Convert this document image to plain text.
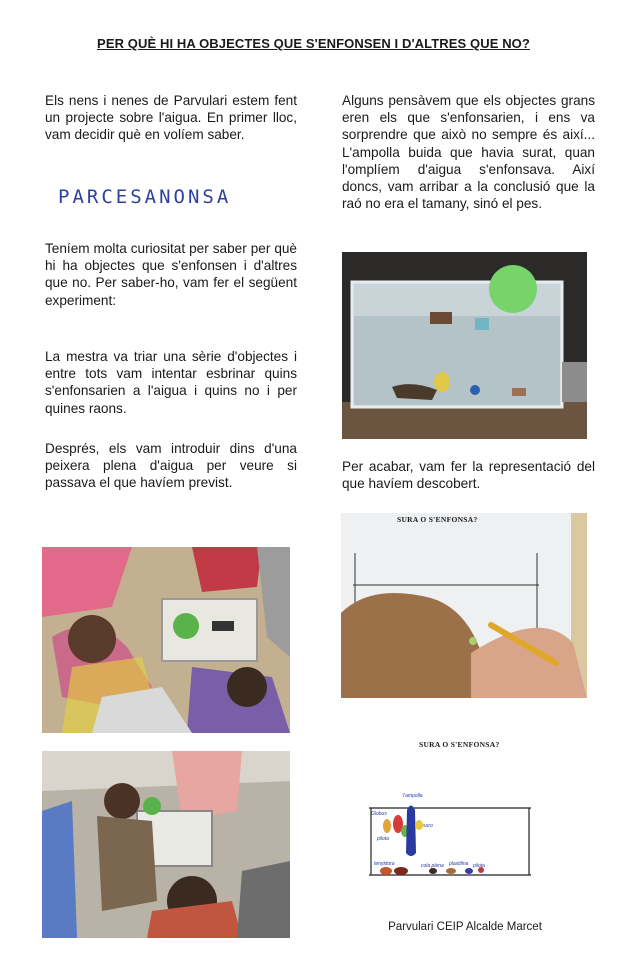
PER QUÈ HI HA OBJECTES QUE S'ENFONSEN I D'ALTRES QUE NO?

Els nens i nenes de Parvulari estem fent un projecte sobre l'aigua. En primer lloc, vam decidir què en volíem saber.

PARCESANONSA

Teníem molta curiositat per saber per què hi ha objectes que s'enfonsen i d'altres que no. Per saber-ho, vam fer el següent experiment:

La mestra va triar una sèrie d'objectes i entre tots vam intentar esbrinar quins s'enfonsarien a l'aigua i quins no i per quines raons.

Després, els vam introduir dins d'una peixera plena d'aigua per veure si passava el que havíem previst.

Alguns pensàvem que els objectes grans eren els que s'enfonsarien, i ens va sorprendre que això no sempre és així... L'ampolla buida que havia surat, quan l'omplíem d'aigua s'enfonsava. Així doncs, vam arribar a la conclusió que la raó no era el tamany, sinó el pes.

Per acabar, vam fer la representació del que havíem descobert.

SURA O S'ENFONSA?
SURA O S'ENFONSA?
l'ampolla
Globus
pilota
suro
tenyidora	cola plena plastilina pilota
Parvulari CEIP Alcalde Marcet
